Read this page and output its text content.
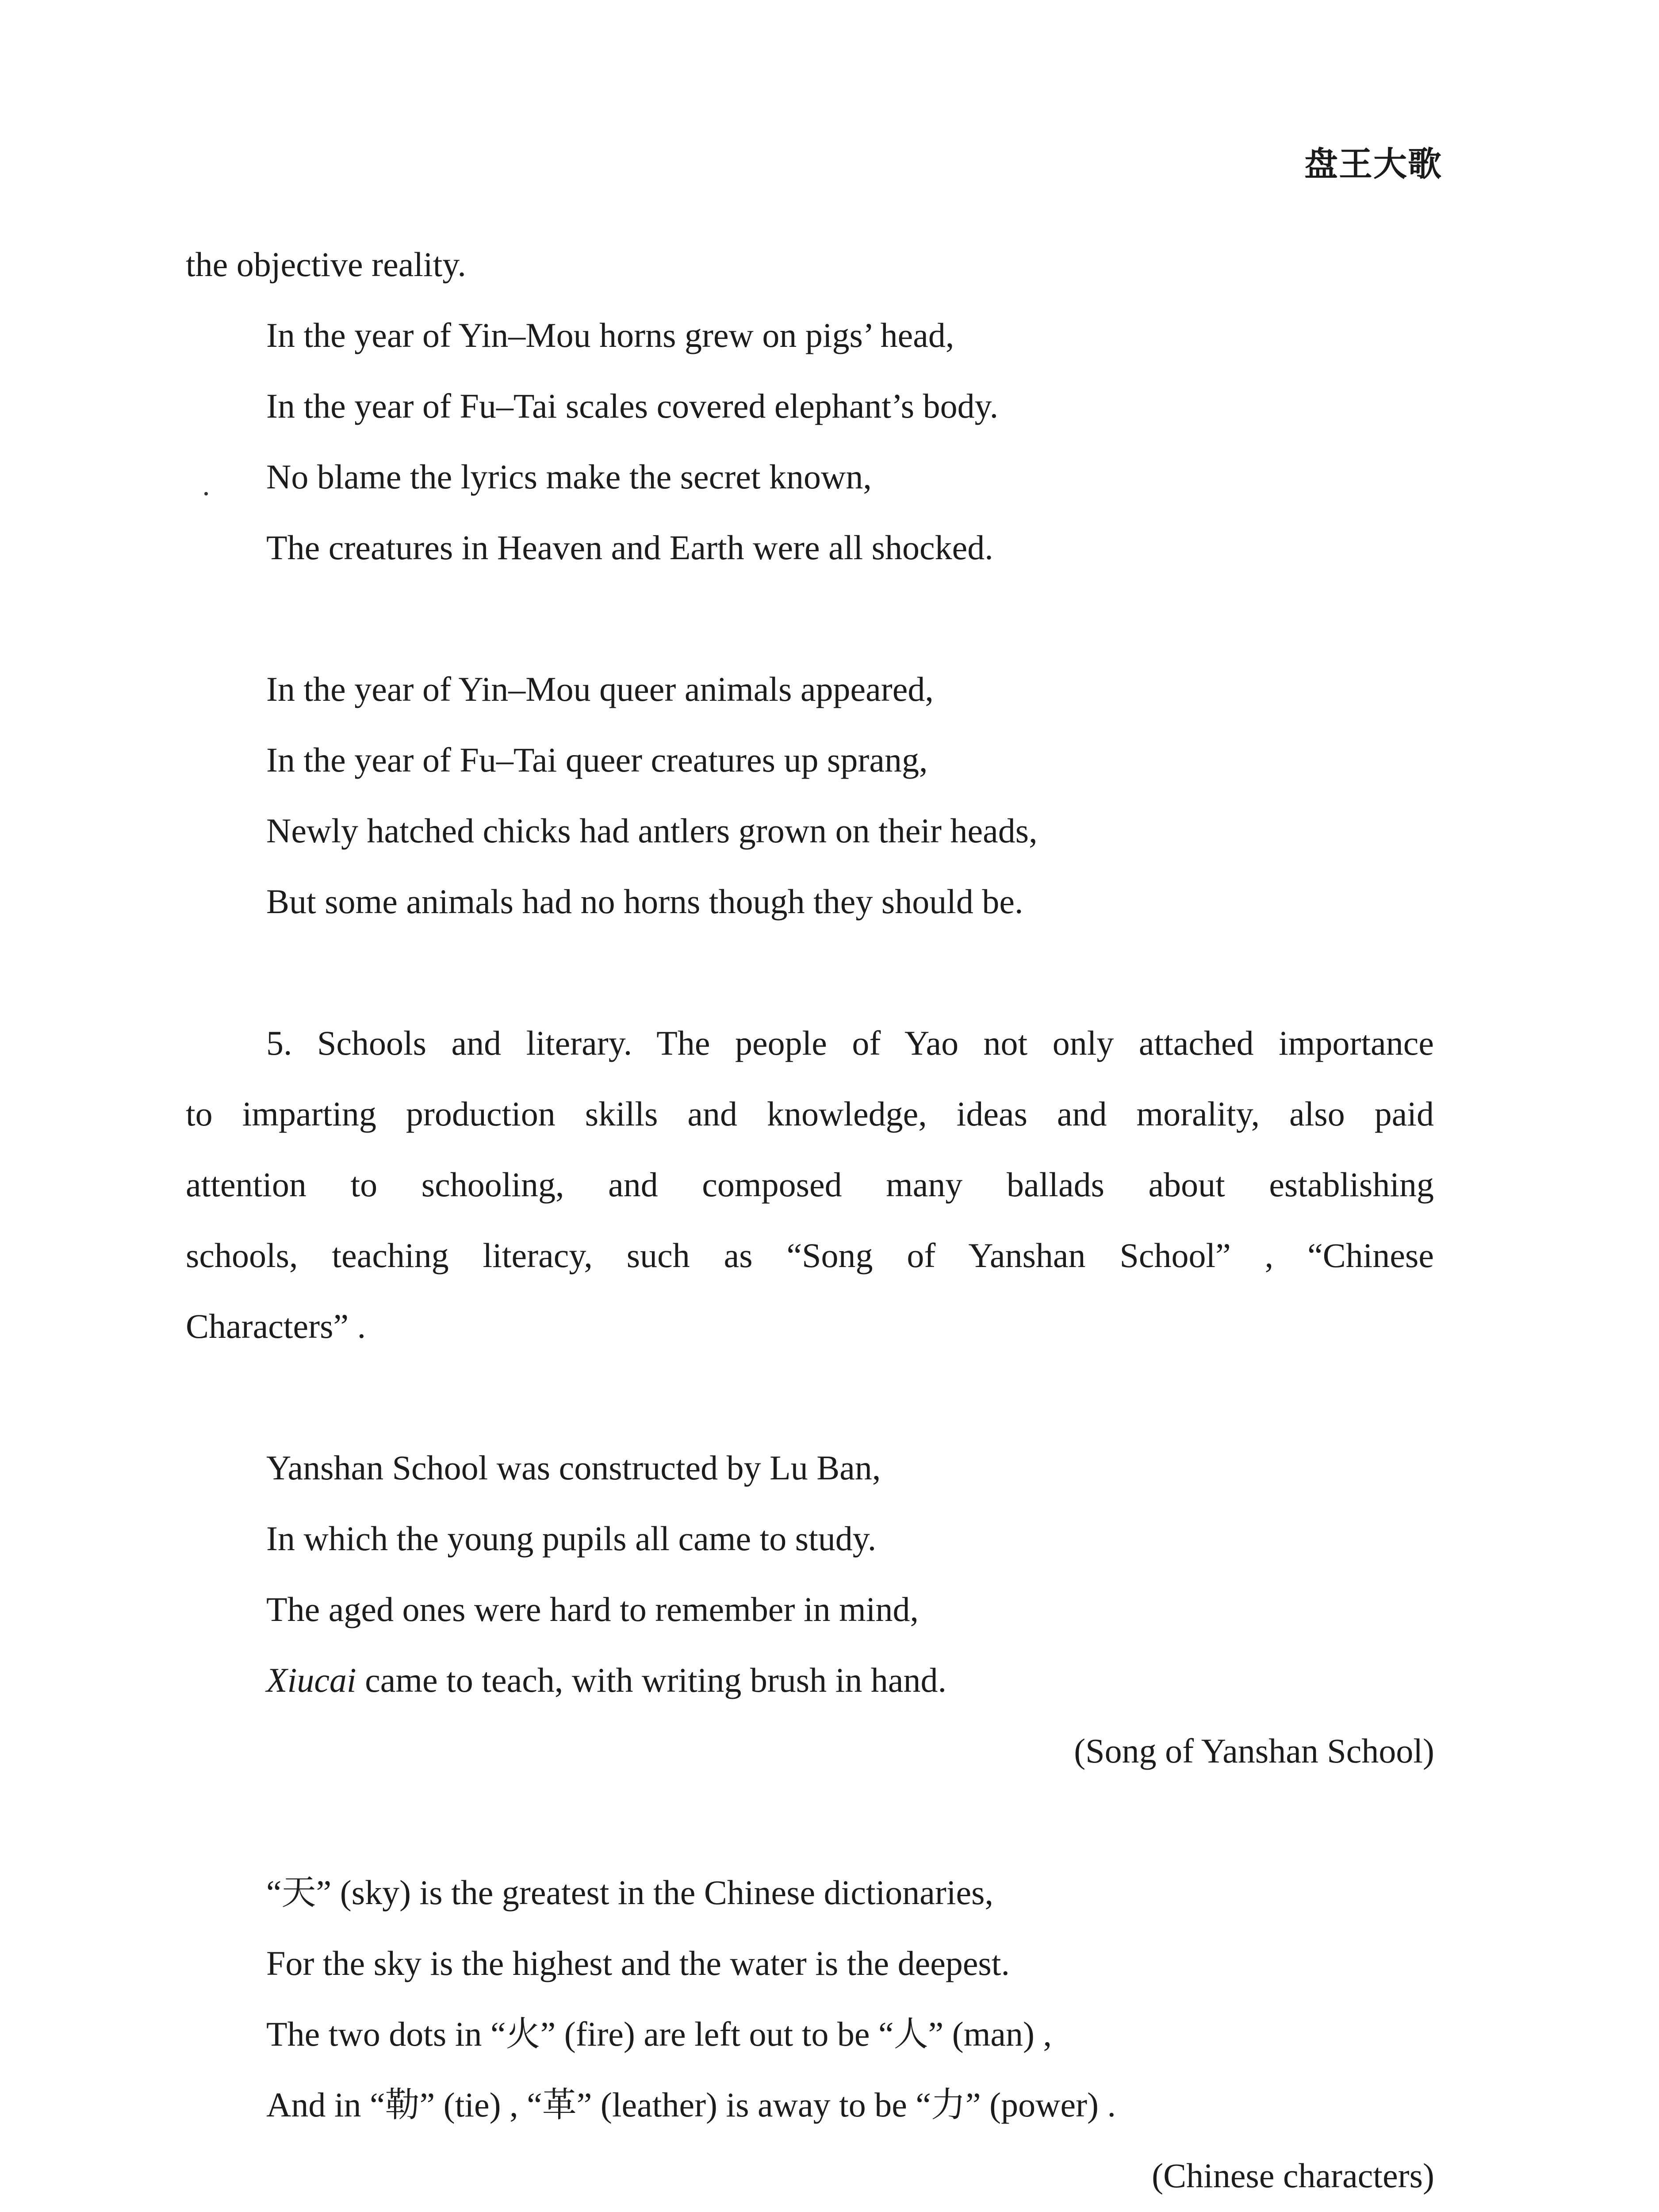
盘王大歌
the objective reality.
In the year of Yin–Mou horns grew on pigs’ head,
In the year of Fu–Tai scales covered elephant’s body.
No blame the lyrics make the secret known,
The creatures in Heaven and Earth were all shocked.
In the year of Yin–Mou queer animals appeared,
In the year of Fu–Tai queer creatures up sprang,
Newly hatched chicks had antlers grown on their heads,
But some animals had no horns though they should be.
5. Schools and literary. The people of Yao not only attached importance
to imparting production skills and knowledge, ideas and morality, also paid
attention to schooling, and composed many ballads about establishing
schools, teaching literacy, such as “Song of Yanshan School” , “Chinese
Characters” .
Yanshan School was constructed by Lu Ban,
In which the young pupils all came to study.
The aged ones were hard to remember in mind,
Xiucai came to teach, with writing brush in hand.
(Song of Yanshan School)
“天” (sky) is the greatest in the Chinese dictionaries,
For the sky is the highest and the water is the deepest.
The two dots in “火” (fire) are left out to be “人” (man) ,
And in “勒” (tie) , “革” (leather) is away to be “力” (power) .
(Chinese characters)
